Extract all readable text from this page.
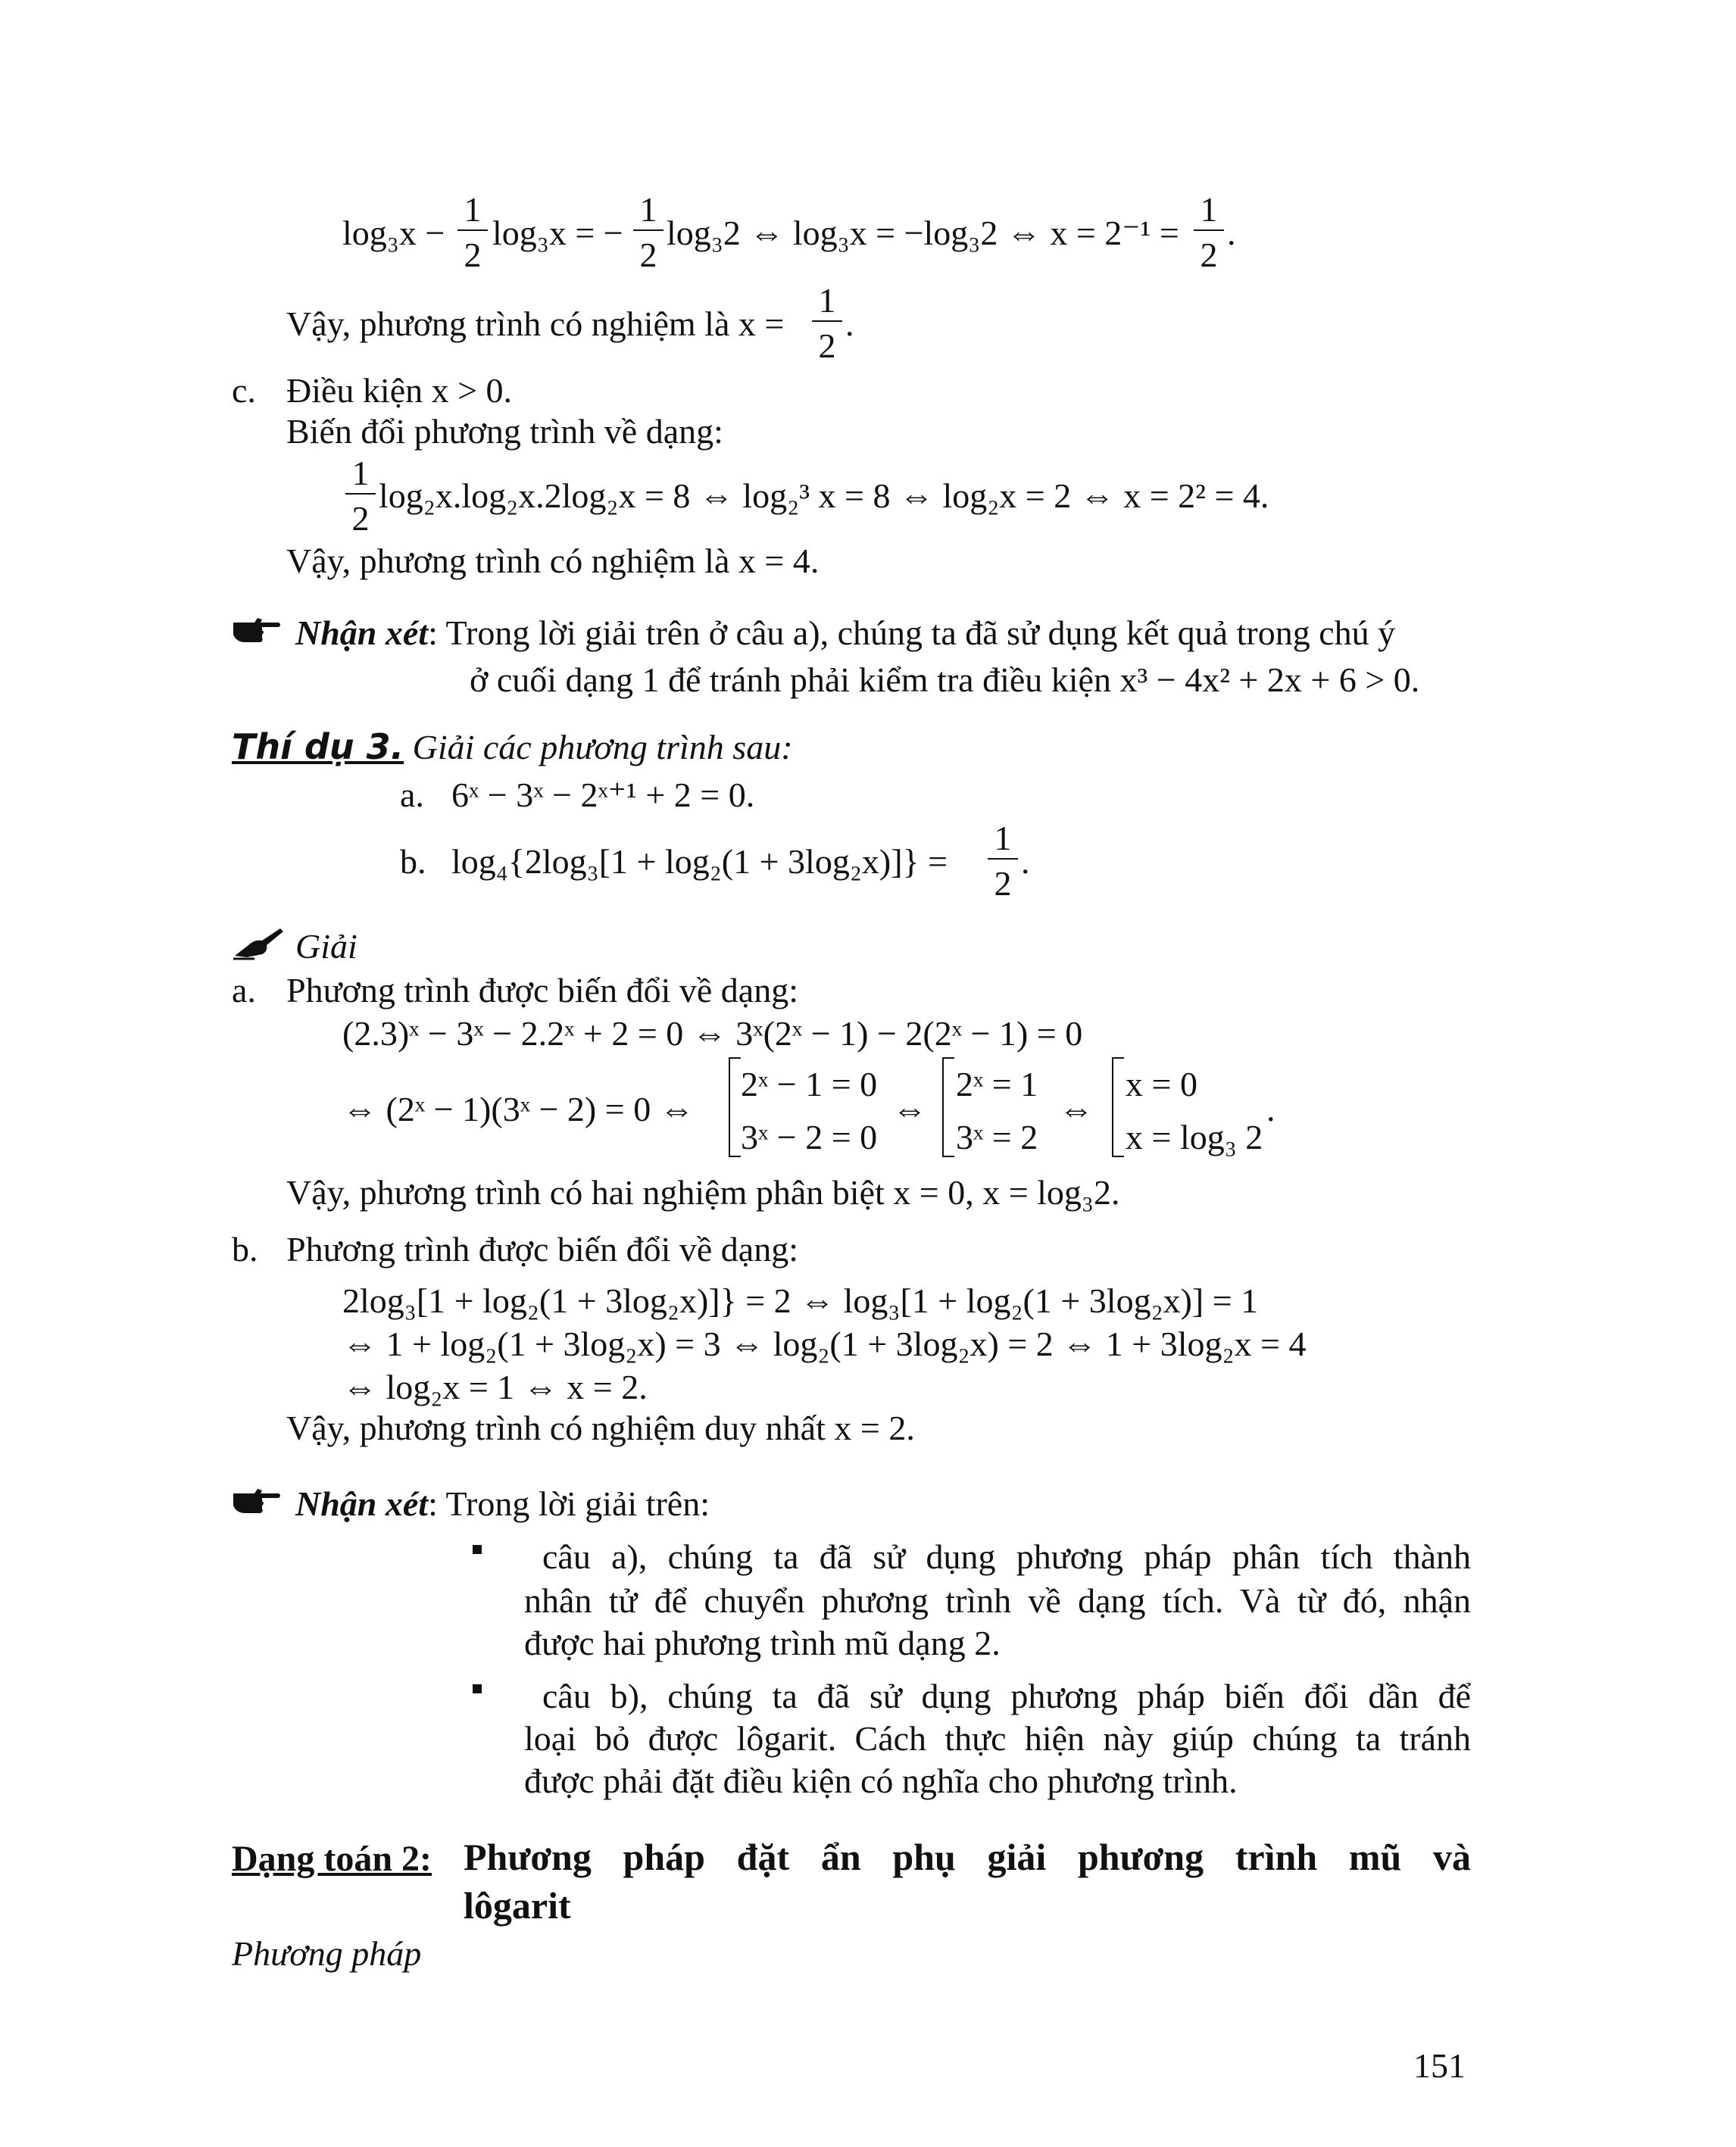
log₃x −
1
2
log₃x = −
1
2
log₃2 ⇔ log₃x = −log₃2 ⇔ x = 2⁻¹ =
1
2
.
Vậy, phương trình có nghiệm là x =
1
2
.
c. Điều kiện x > 0.
Biến đổi phương trình về dạng:
1
2
log₂x.log₂x.2log₂x = 8 ⇔ log₂³ x = 8 ⇔ log₂x = 2 ⇔ x = 2² = 4.
Vậy, phương trình có nghiệm là x = 4.
Nhận xét: Trong lời giải trên ở câu a), chúng ta đã sử dụng kết quả trong chú ý
ở cuối dạng 1 để tránh phải kiểm tra điều kiện x³ − 4x² + 2x + 6 > 0.
Thí dụ 3. Giải các phương trình sau:
a. 6ˣ − 3ˣ − 2ˣ⁺¹ + 2 = 0.
b. log₄{2log₃[1 + log₂(1 + 3log₂x)]} =
1
2
.
Giải
a. Phương trình được biến đổi về dạng:
(2.3)ˣ − 3ˣ − 2.2ˣ + 2 = 0 ⇔ 3ˣ(2ˣ − 1) − 2(2ˣ − 1) = 0
⇔ (2ˣ − 1)(3ˣ − 2) = 0 ⇔
2ˣ − 1 = 0
3ˣ − 2 = 0
⇔
2ˣ = 1
3ˣ = 2
⇔
x = 0
x = log₃ 2
.
Vậy, phương trình có hai nghiệm phân biệt x = 0, x = log₃2.
b. Phương trình được biến đổi về dạng:
2log₃[1 + log₂(1 + 3log₂x)]} = 2 ⇔ log₃[1 + log₂(1 + 3log₂x)] = 1
⇔ 1 + log₂(1 + 3log₂x) = 3 ⇔ log₂(1 + 3log₂x) = 2 ⇔ 1 + 3log₂x = 4
⇔ log₂x = 1 ⇔ x = 2.
Vậy, phương trình có nghiệm duy nhất x = 2.
Nhận xét: Trong lời giải trên:
câu a), chúng ta đã sử dụng phương pháp phân tích thành
nhân tử để chuyển phương trình về dạng tích. Và từ đó, nhận
được hai phương trình mũ dạng 2.
câu b), chúng ta đã sử dụng phương pháp biến đổi dần để
loại bỏ được lôgarit. Cách thực hiện này giúp chúng ta tránh
được phải đặt điều kiện có nghĩa cho phương trình.
Dạng toán 2: Phương pháp đặt ẩn phụ giải phương trình mũ và
lôgarit
Phương pháp
151
